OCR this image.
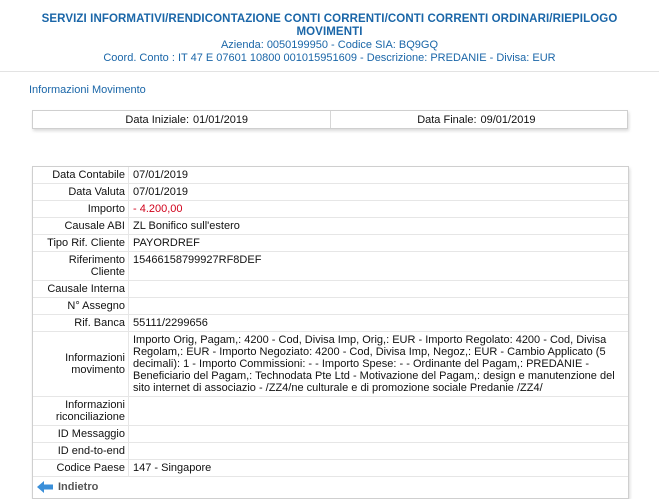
SERVIZI INFORMATIVI/RENDICONTAZIONE CONTI CORRENTI/CONTI CORRENTI ORDINARI/RIEPILOGO MOVIMENTI
Azienda: 0050199950 - Codice SIA: BQ9GQ
Coord. Conto : IT 47 E 07601 10800 001015951609 - Descrizione: PREDANIE - Divisa: EUR
Informazioni Movimento
Data Iniziale: 01/01/2019	Data Finale: 09/01/2019
Data Contabile 07/01/2019
Data Valuta 07/01/2019
Importo - 4.200,00
Causale ABI ZL Bonifico sull'estero
Tipo Rif. Cliente PAYORDREF
Riferimento Cliente
15466158799927RF8DEF
Causale Interna
N° Assegno
Rif. Banca 55111/2299656
Informazioni movimento
Importo Orig, Pagam,: 4200 - Cod, Divisa Imp, Orig,: EUR - Importo Regolato: 4200 - Cod, Divisa Regolam,: EUR - Importo Negoziato: 4200 - Cod, Divisa Imp, Negoz,: EUR - Cambio Applicato (5 decimali): 1 - Importo Commissioni: - - Importo Spese: - - Ordinante del Pagam,: PREDANIE - Beneficiario del Pagam,: Technodata Pte Ltd - Motivazione del Pagam,: design e manutenzione del sito internet di associazio - /ZZ4/ne culturale e di promozione sociale Predanie /ZZ4/
Informazioni riconciliazione
ID Messaggio
ID end-to-end
Codice Paese 147 - Singapore
Indietro
